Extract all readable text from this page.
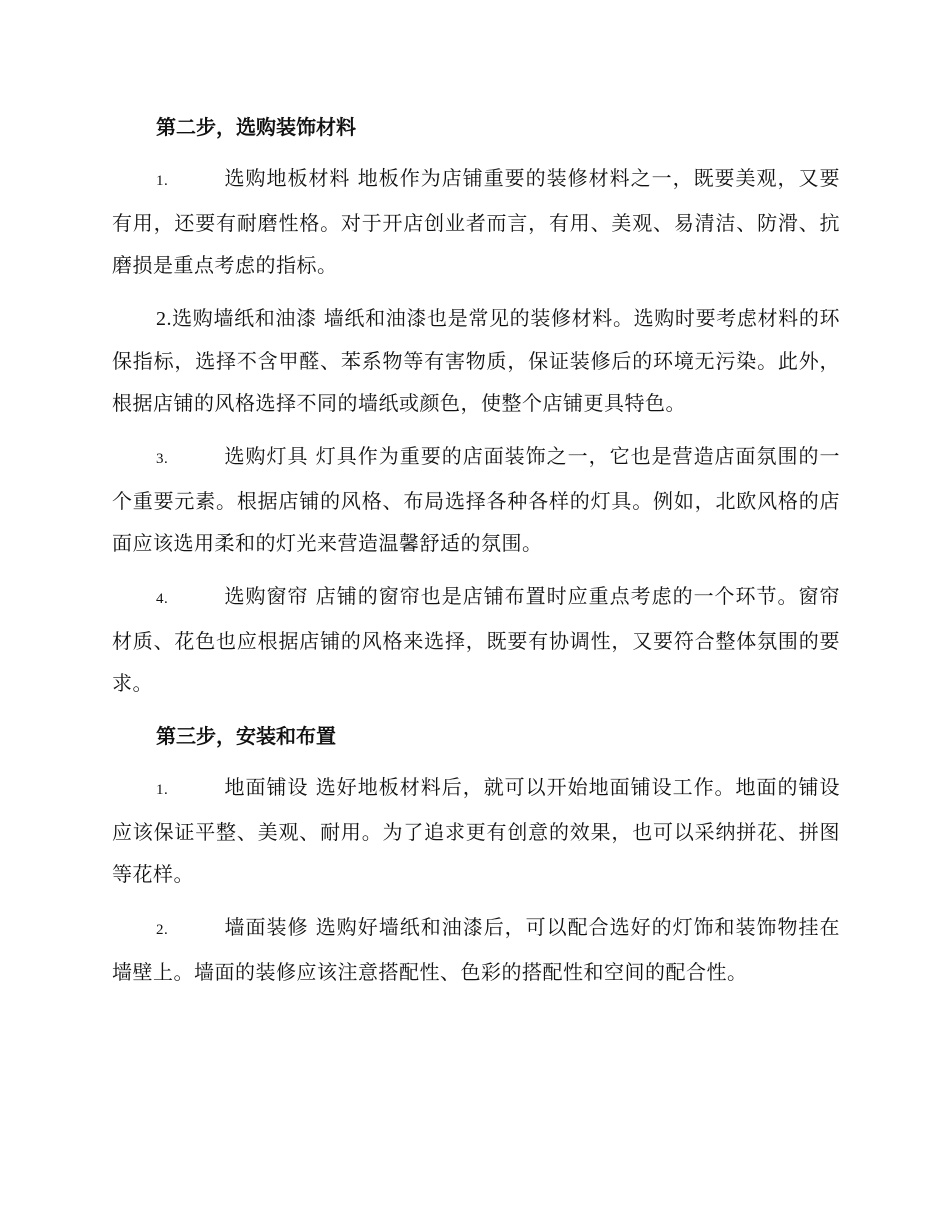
第二步，选购装饰材料

1.	选购地板材料 地板作为店铺重要的装修材料之一，既要美观，又要有用，还要有耐磨性格。对于开店创业者而言，有用、美观、易清洁、防滑、抗磨损是重点考虑的指标。

2.选购墙纸和油漆 墙纸和油漆也是常见的装修材料。选购时要考虑材料的环保指标，选择不含甲醛、苯系物等有害物质，保证装修后的环境无污染。此外，根据店铺的风格选择不同的墙纸或颜色，使整个店铺更具特色。

3.	选购灯具 灯具作为重要的店面装饰之一，它也是营造店面氛围的一个重要元素。根据店铺的风格、布局选择各种各样的灯具。例如，北欧风格的店面应该选用柔和的灯光来营造温馨舒适的氛围。

4.	选购窗帘 店铺的窗帘也是店铺布置时应重点考虑的一个环节。窗帘材质、花色也应根据店铺的风格来选择，既要有协调性，又要符合整体氛围的要求。

第三步，安装和布置

1.	地面铺设 选好地板材料后，就可以开始地面铺设工作。地面的铺设应该保证平整、美观、耐用。为了追求更有创意的效果，也可以采纳拼花、拼图等花样。

2.	墙面装修 选购好墙纸和油漆后，可以配合选好的灯饰和装饰物挂在墙壁上。墙面的装修应该注意搭配性、色彩的搭配性和空间的配合性。
